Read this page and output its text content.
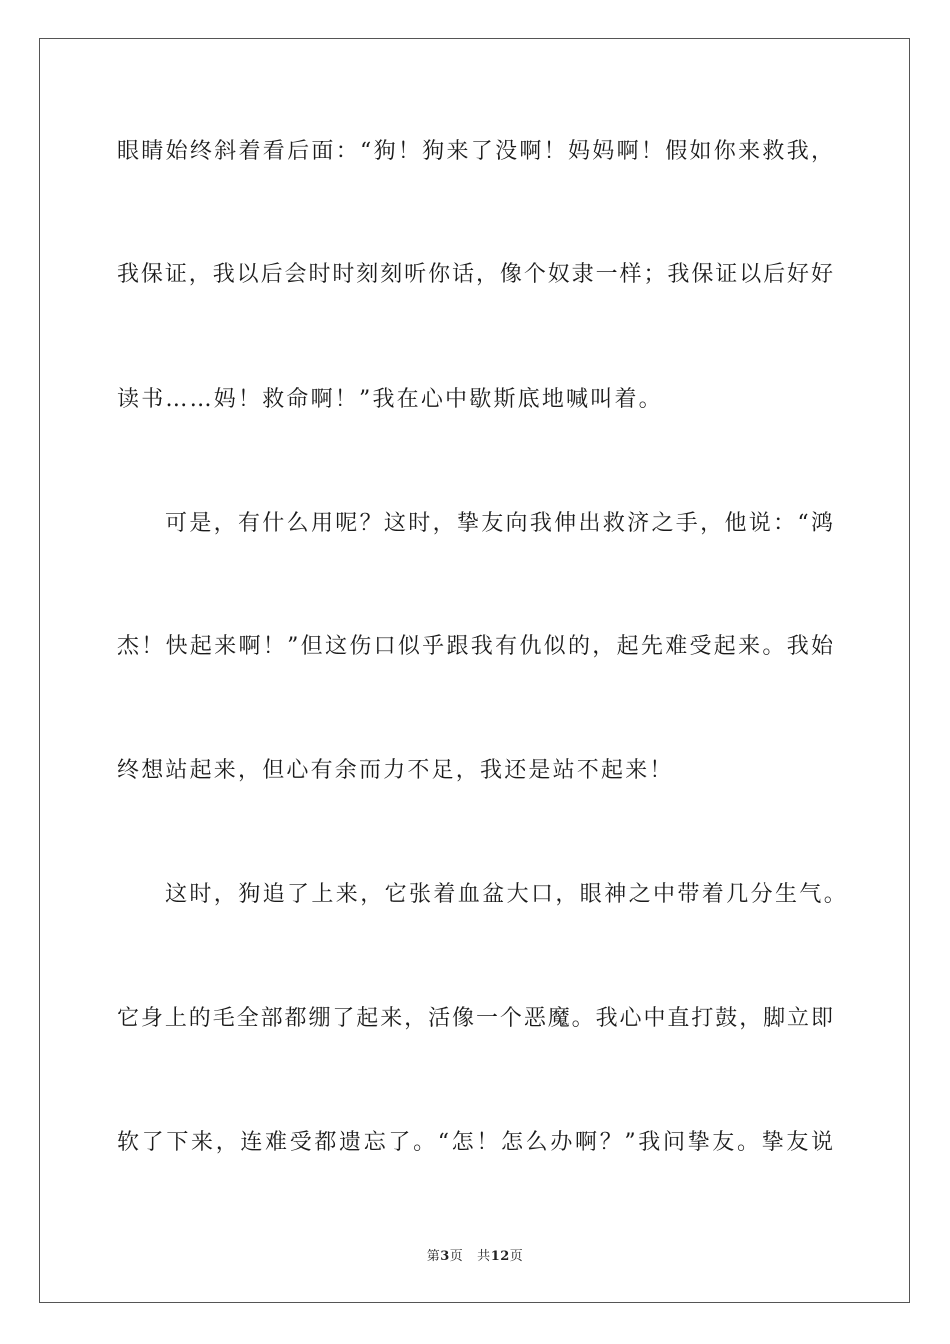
眼睛始终斜着看后面：“狗！狗来了没啊！妈妈啊！假如你来救我，
我保证，我以后会时时刻刻听你话，像个奴隶一样；我保证以后好好
读书……妈！救命啊！”我在心中歇斯底地喊叫着。
可是，有什么用呢？这时，挚友向我伸出救济之手，他说：“鸿
杰！快起来啊！”但这伤口似乎跟我有仇似的，起先难受起来。我始
终想站起来，但心有余而力不足，我还是站不起来！
这时，狗追了上来，它张着血盆大口，眼神之中带着几分生气。
它身上的毛全部都绷了起来，活像一个恶魔。我心中直打鼓，脚立即
软了下来，连难受都遗忘了。“怎！怎么办啊？”我问挚友。挚友说
第3页 共12页
